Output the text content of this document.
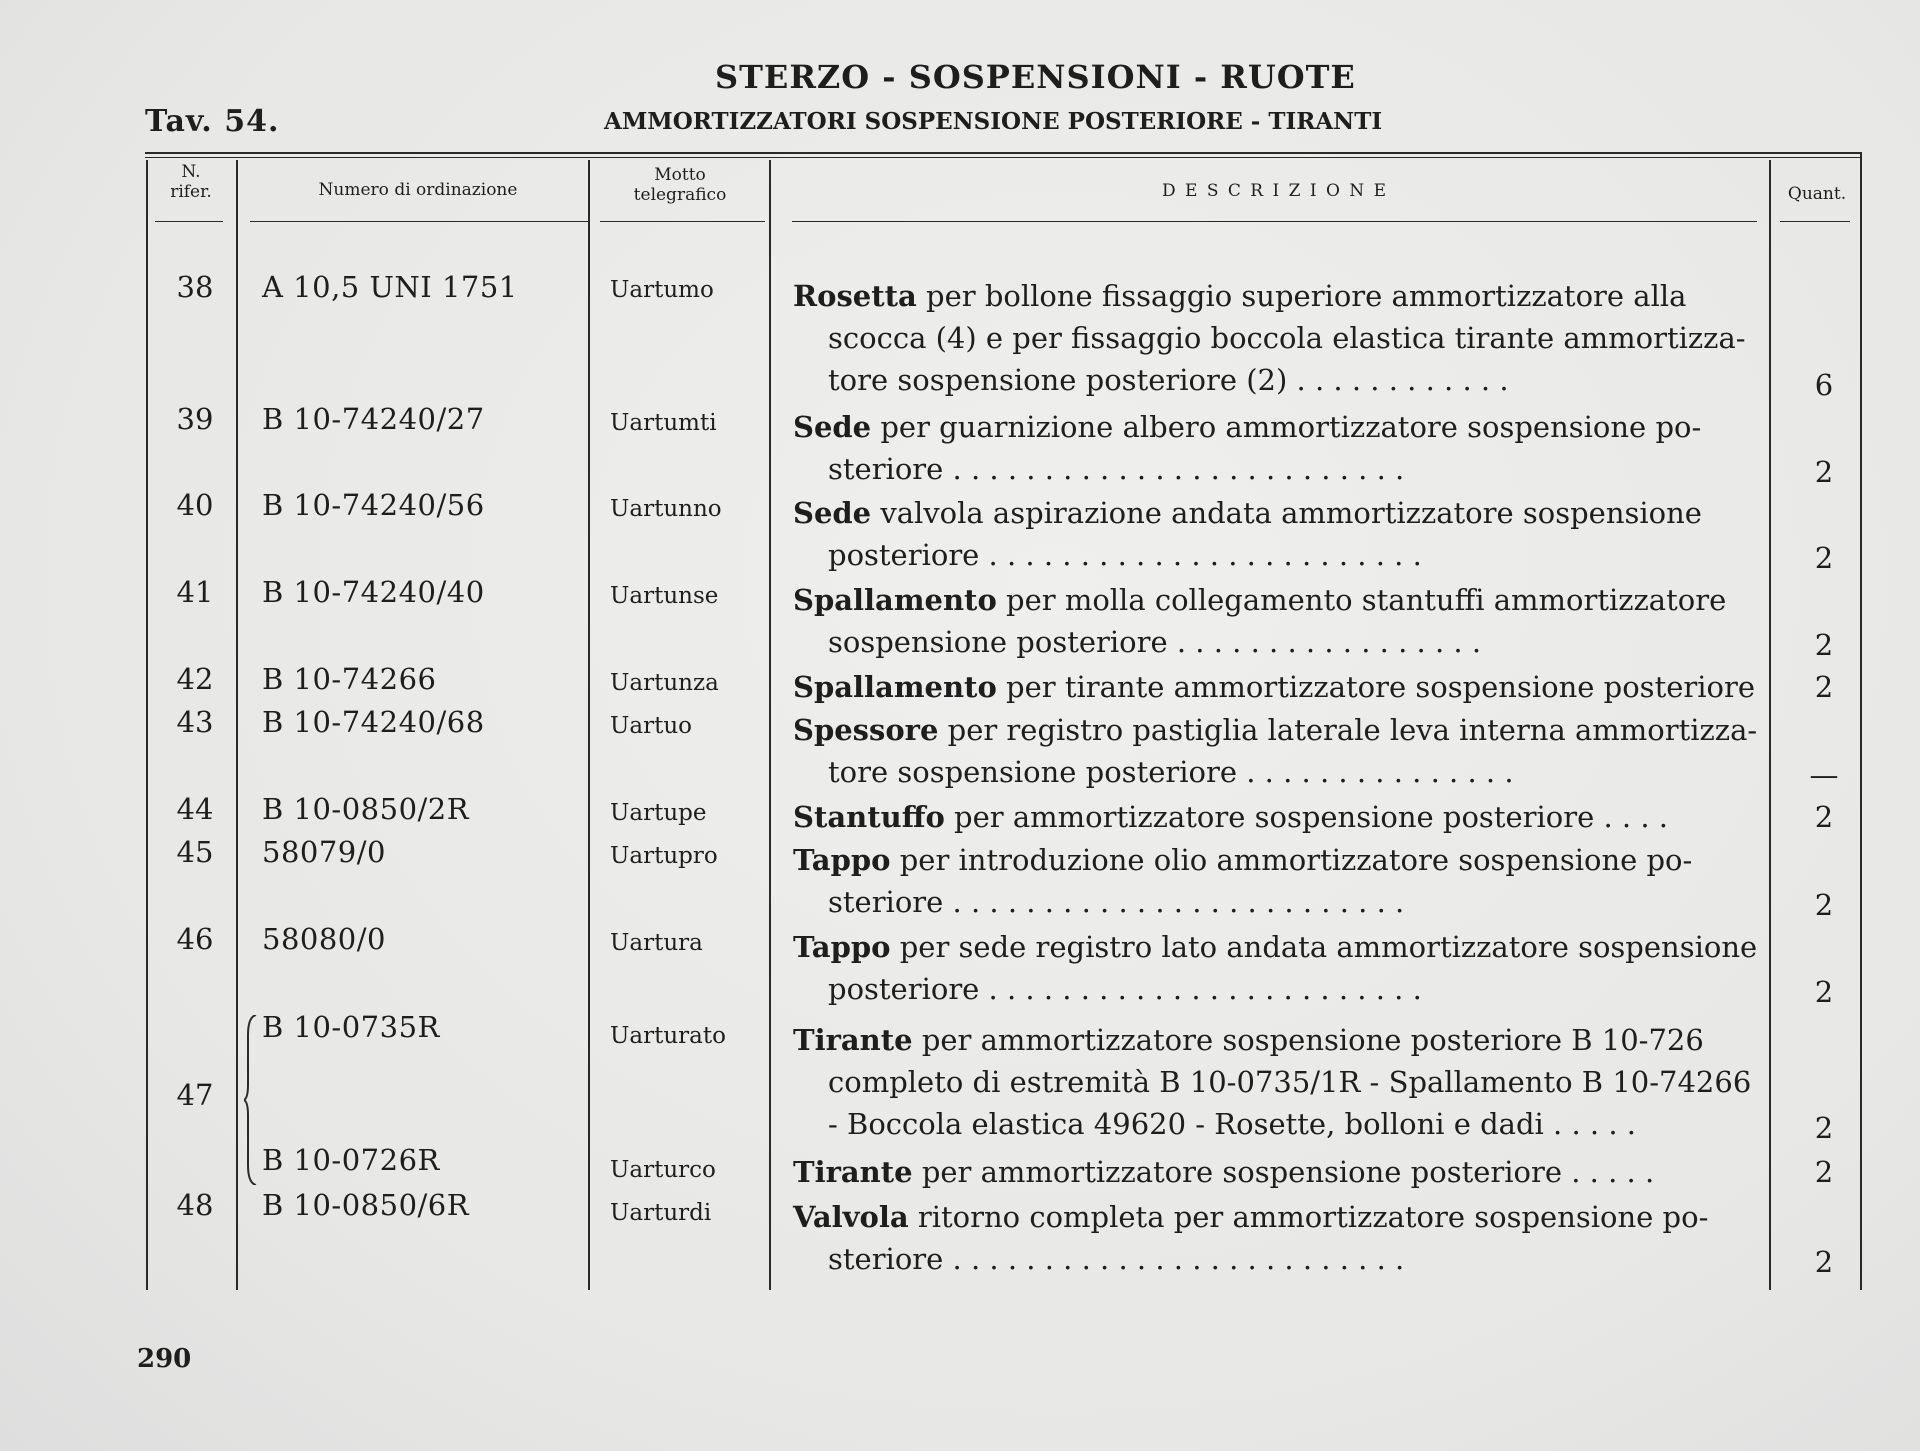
STERZO - SOSPENSIONI - RUOTE
Tav. 54.	AMMORTIZZATORI SOSPENSIONE POSTERIORE - TIRANTI
N.
rifer.	Numero di ordinazione
Motto
telegrafico	D E S C R I Z I O N E	Quant.
38 A 10,5 UNI 1751	Uartumo	Rosetta per bollone fissaggio superiore ammortizzatore alla
scocca (4) e per fissaggio boccola elastica tirante ammortizza-
tore sospensione posteriore (2) . . . . . . . . . . . .	6
39 B 10-74240/27	Uartumti	Sede per guarnizione albero ammortizzatore sospensione po-
steriore . . . . . . . . . . . . . . . . . . . . . . . . .	2
40 B 10-74240/56	Uartunno Sede valvola aspirazione andata ammortizzatore sospensione
posteriore . . . . . . . . . . . . . . . . . . . . . . . .	2
41 B 10-74240/40	Uartunse	Spallamento per molla collegamento stantuffi ammortizzatore
sospensione posteriore . . . . . . . . . . . . . . . . .	2
42 B 10-74266	Uartunza	Spallamento per tirante ammortizzatore sospensione posteriore	2
43 B 10-74240/68	Uartuo	Spessore per registro pastiglia laterale leva interna ammortizza-
tore sospensione posteriore . . . . . . . . . . . . . . .	—
44 B 10-0850/2R	Uartupe	Stantuffo per ammortizzatore sospensione posteriore . . . .	2
45 58079/0	Uartupro	Tappo per introduzione olio ammortizzatore sospensione po-
steriore . . . . . . . . . . . . . . . . . . . . . . . . .	2
46 58080/0	Uartura	Tappo per sede registro lato andata ammortizzatore sospensione
posteriore . . . . . . . . . . . . . . . . . . . . . . . .	2
47
B 10-0735R	Uarturato Tirante per ammortizzatore sospensione posteriore B 10-726
completo di estremità B 10-0735/1R - Spallamento B 10-74266
- Boccola elastica 49620 - Rosette, bolloni e dadi . . . . .	2
B 10-0726R	Uarturco	Tirante per ammortizzatore sospensione posteriore . . . . .	2
48 B 10-0850/6R	Uarturdi	Valvola ritorno completa per ammortizzatore sospensione po-
steriore . . . . . . . . . . . . . . . . . . . . . . . . .	2
290
